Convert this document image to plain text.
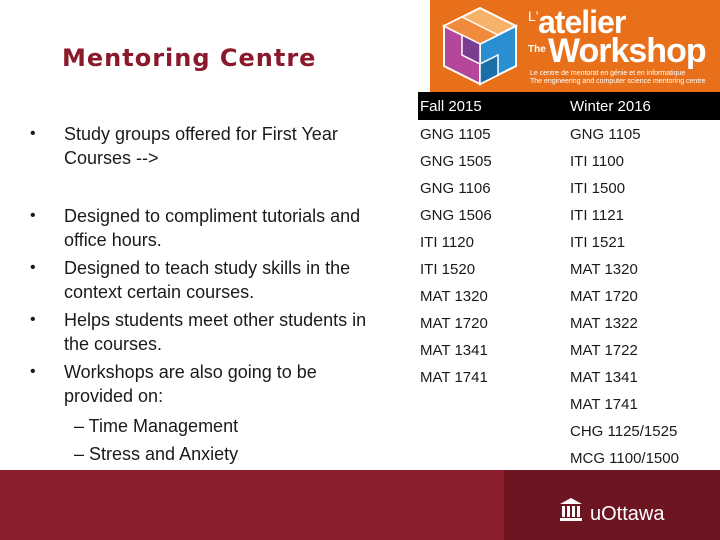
Mentoring Centre
• Study groups offered for First Year Courses -->
• Designed to compliment tutorials and office hours.
• Designed to teach study skills in the context certain courses.
• Helps students meet other students in the courses.
• Workshops are also going to be provided on:
– Time Management
– Stress and Anxiety
L' atelier
The Workshop
Le centre de mentorat en génie et en informatique
The engineering and computer science mentoring centre
Fall 2015	Winter 2016
GNG 1105
GNG 1505
GNG 1106
GNG 1506
ITI 1120
ITI 1520
MAT 1320
MAT 1720
MAT 1341
MAT 1741
GNG 1105
ITI 1100
ITI 1500
ITI 1121
ITI 1521
MAT 1320
MAT 1720
MAT 1322
MAT 1722
MAT 1341
MAT 1741
CHG 1125/1525
MCG 1100/1500
uOttawa
